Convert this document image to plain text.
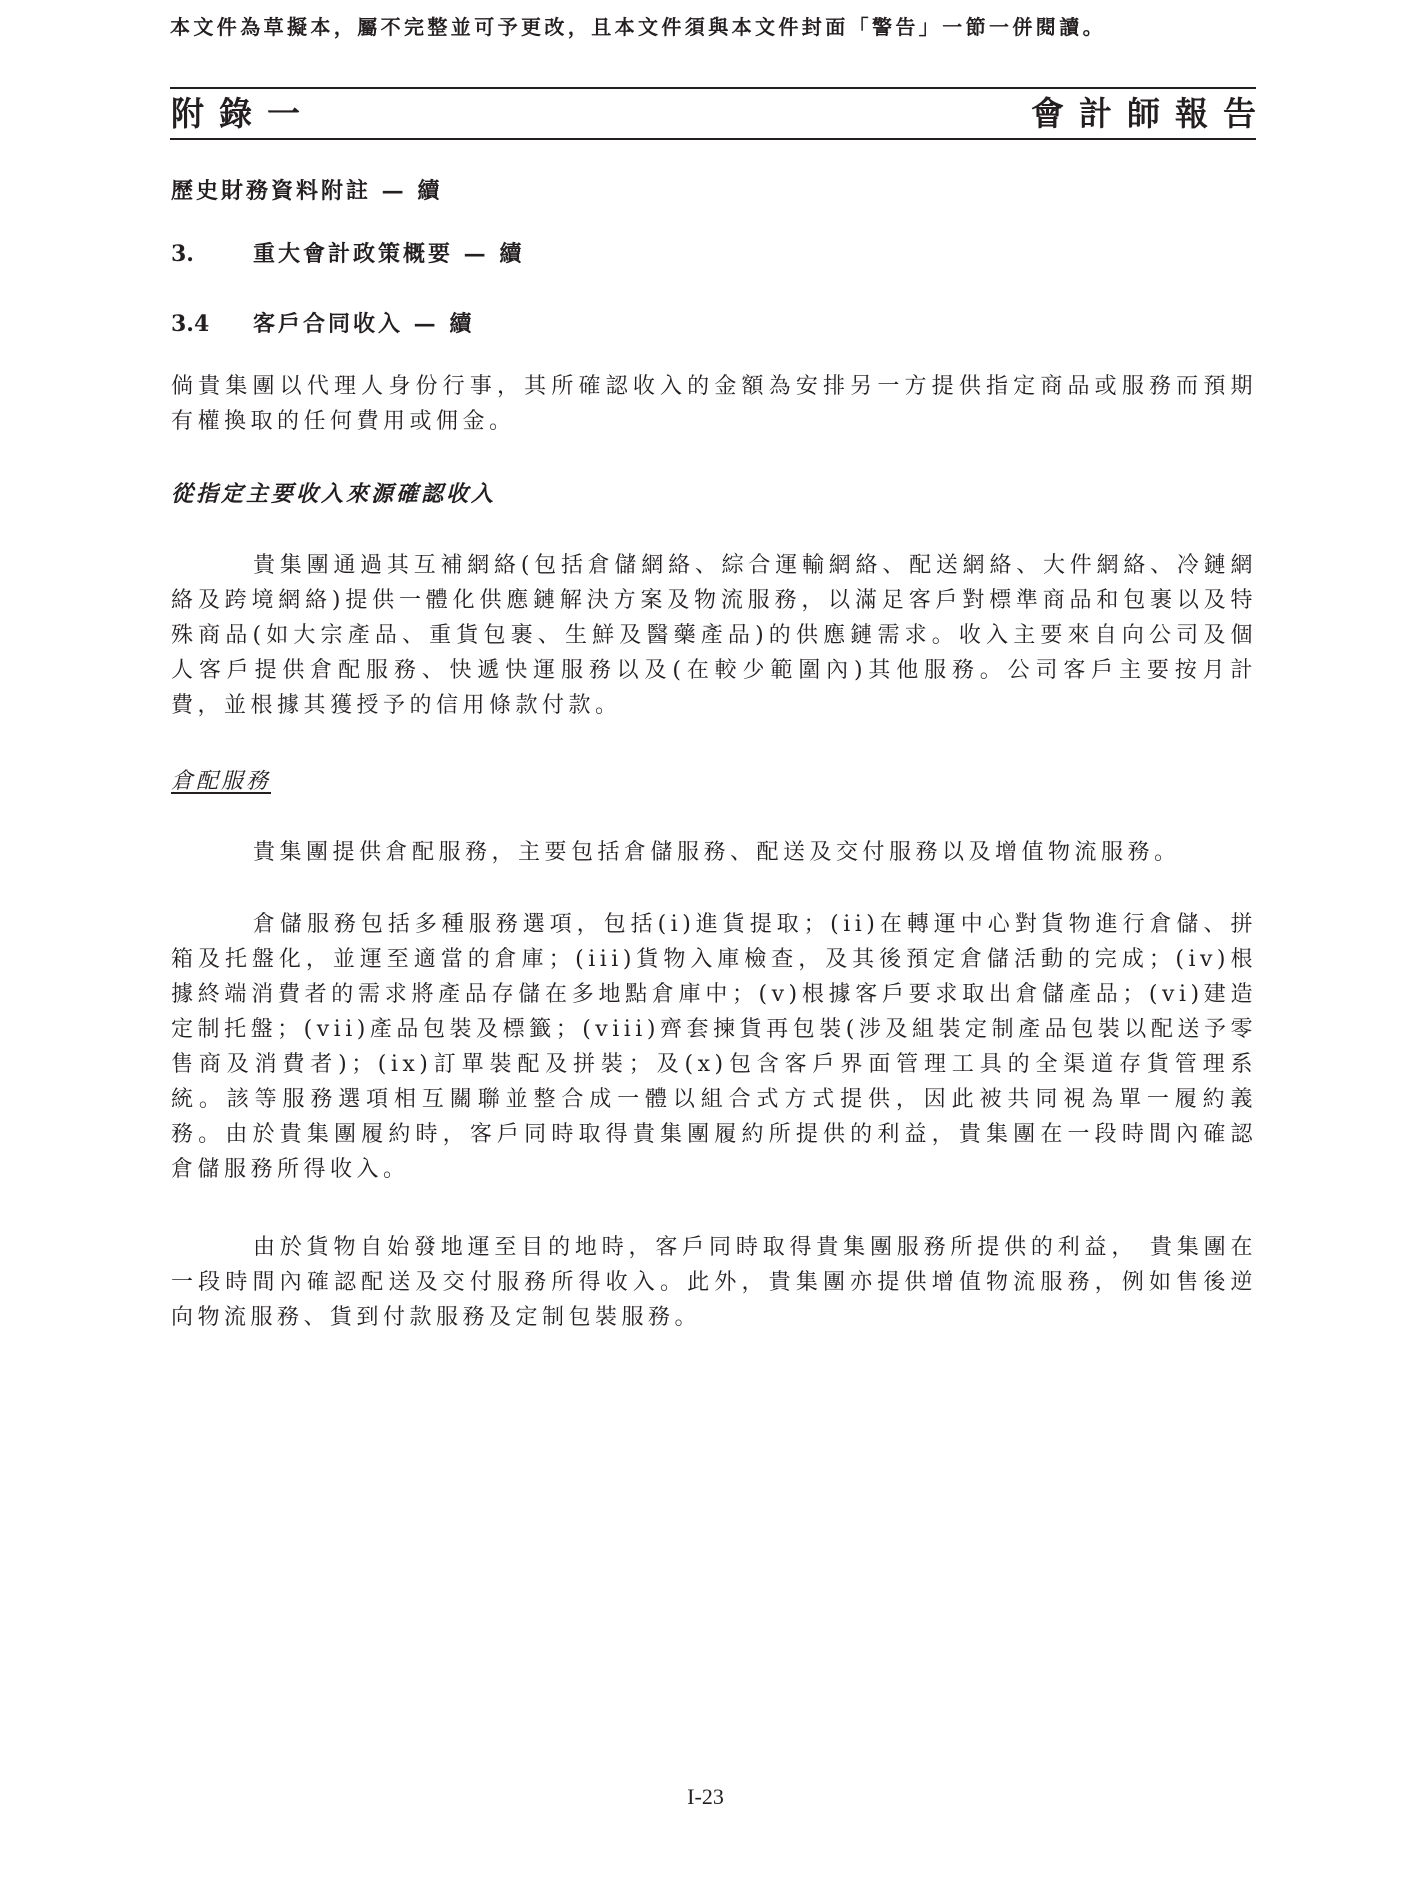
本文件為草擬本，屬不完整並可予更改，且本文件須與本文件封面「警告」一節一併閱讀。
附錄一	會計師報告
歷史財務資料附註 — 續
3.	重大會計政策概要 — 續
3.4 客戶合同收入 — 續

倘貴集團以代理人身份行事，其所確認收入的金額為安排另一方提供指定商品或服務而預期有權換取的任何費用或佣金。

從指定主要收入來源確認收入

貴集團通過其互補網絡(包括倉儲網絡、綜合運輸網絡、配送網絡、大件網絡、冷鏈網絡及跨境網絡)提供一體化供應鏈解決方案及物流服務，以滿足客戶對標準商品和包裹以及特殊商品(如大宗產品、重貨包裹、生鮮及醫藥產品)的供應鏈需求。收入主要來自向公司及個人客戶提供倉配服務、快遞快運服務以及(在較少範圍內)其他服務。公司客戶主要按月計費，並根據其獲授予的信用條款付款。

倉配服務

貴集團提供倉配服務，主要包括倉儲服務、配送及交付服務以及增值物流服務。

倉儲服務包括多種服務選項，包括(i)進貨提取；(ii)在轉運中心對貨物進行倉儲、拼箱及托盤化，並運至適當的倉庫；(iii)貨物入庫檢查，及其後預定倉儲活動的完成；(iv)根據終端消費者的需求將產品存儲在多地點倉庫中；(v)根據客戶要求取出倉儲產品；(vi)建造定制托盤；(vii)產品包裝及標籤；(viii)齊套揀貨再包裝(涉及組裝定制產品包裝以配送予零售商及消費者)；(ix)訂單裝配及拼裝；及(x)包含客戶界面管理工具的全渠道存貨管理系統。該等服務選項相互關聯並整合成一體以組合式方式提供，因此被共同視為單一履約義務。由於貴集團履約時，客戶同時取得貴集團履約所提供的利益，貴集團在一段時間內確認倉儲服務所得收入。

由於貨物自始發地運至目的地時，客戶同時取得貴集團服務所提供的利益， 貴集團在一段時間內確認配送及交付服務所得收入。此外，貴集團亦提供增值物流服務，例如售後逆向物流服務、貨到付款服務及定制包裝服務。

I-23
